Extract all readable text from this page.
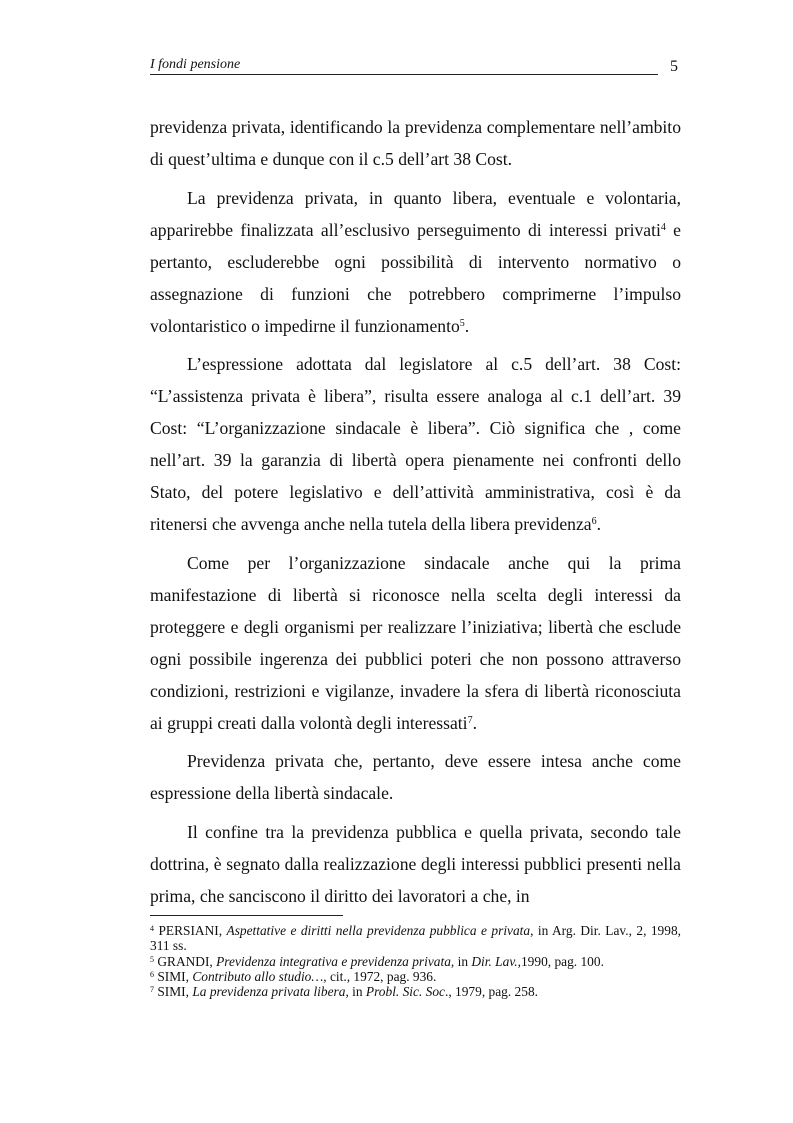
I fondi pensione	5

previdenza privata, identificando la previdenza complementare nell’ambito di quest’ultima e dunque con il c.5 dell’art 38 Cost.

La previdenza privata, in quanto libera, eventuale e volontaria, apparirebbe finalizzata all’esclusivo perseguimento di interessi privati$^4$ e pertanto, escluderebbe ogni possibilità di intervento normativo o assegnazione di funzioni che potrebbero comprimerne l’impulso volontaristico o impedirne il funzionamento$^5$.

L’espressione adottata dal legislatore al c.5 dell’art. 38 Cost: “L’assistenza privata è libera”, risulta essere analoga al c.1 dell’art. 39 Cost: “L’organizzazione sindacale è libera”. Ciò significa che , come nell’art. 39 la garanzia di libertà opera pienamente nei confronti dello Stato, del potere legislativo e dell’attività amministrativa, così è da ritenersi che avvenga anche nella tutela della libera previdenza$^6$.

Come per l’organizzazione sindacale anche qui la prima manifestazione di libertà si riconosce nella scelta degli interessi da proteggere e degli organismi per realizzare l’iniziativa; libertà che esclude ogni possibile ingerenza dei pubblici poteri che non possono attraverso condizioni, restrizioni e vigilanze, invadere la sfera di libertà riconosciuta ai gruppi creati dalla volontà degli interessati$^7$.

Previdenza privata che, pertanto, deve essere intesa anche come espressione della libertà sindacale.

Il confine tra la previdenza pubblica e quella privata, secondo tale dottrina, è segnato dalla realizzazione degli interessi pubblici presenti nella prima, che sanciscono il diritto dei lavoratori a che, in

$^4$ PERSIANI, Aspettative e diritti nella previdenza pubblica e privata, in Arg. Dir. Lav., 2, 1998, 311 ss.
$^5$ GRANDI, Previdenza integrativa e previdenza privata, in Dir. Lav.,1990, pag. 100.
$^6$ SIMI, Contributo allo studio…, cit., 1972, pag. 936.
$^7$ SIMI, La previdenza privata libera, in Probl. Sic. Soc., 1979, pag. 258.
